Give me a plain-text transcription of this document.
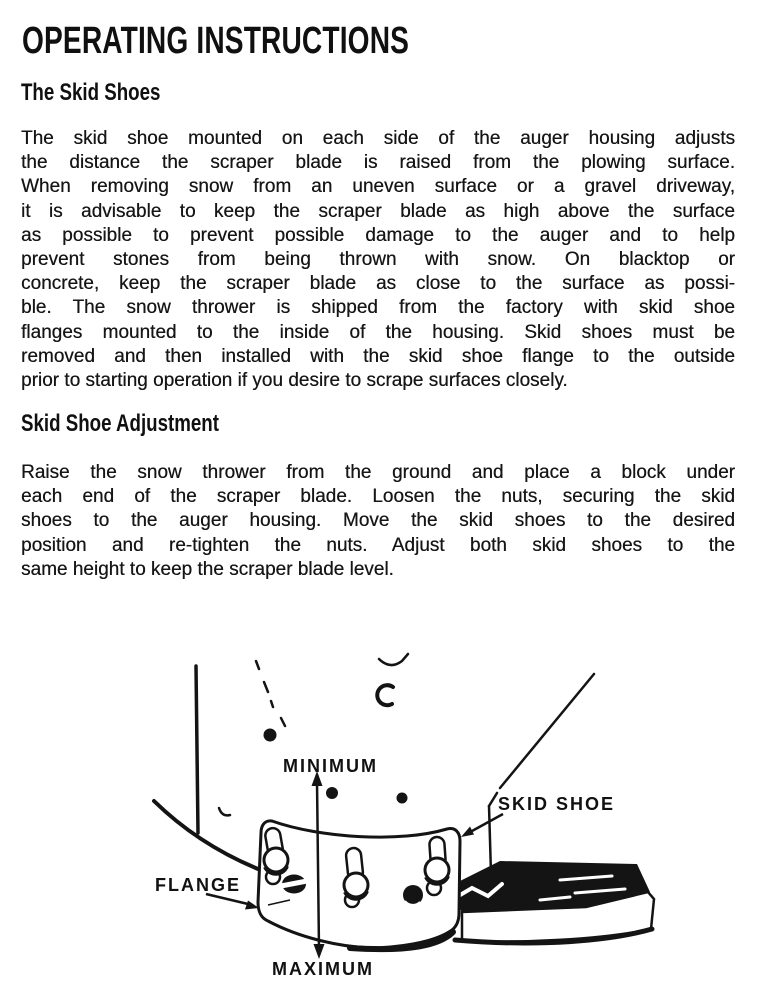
OPERATING INSTRUCTIONS
The Skid Shoes
The skid shoe mounted on each side of the auger housing adjusts
the distance the scraper blade is raised from the plowing surface.
When removing snow from an uneven surface or a gravel driveway,
it is advisable to keep the scraper blade as high above the surface
as possible to prevent possible damage to the auger and to help
prevent stones from being thrown with snow. On blacktop or
concrete, keep the scraper blade as close to the surface as possi-
ble. The snow thrower is shipped from the factory with skid shoe
flanges mounted to the inside of the housing. Skid shoes must be
removed and then installed with the skid shoe flange to the outside
prior to starting operation if you desire to scrape surfaces closely.
Skid Shoe Adjustment
Raise the snow thrower from the ground and place a block under
each end of the scraper blade. Loosen the nuts, securing the skid
shoes to the auger housing. Move the skid shoes to the desired
position and re-tighten the nuts. Adjust both skid shoes to the
same height to keep the scraper blade level.
MINIMUM
MAXIMUM
SKID SHOE
FLANGE
